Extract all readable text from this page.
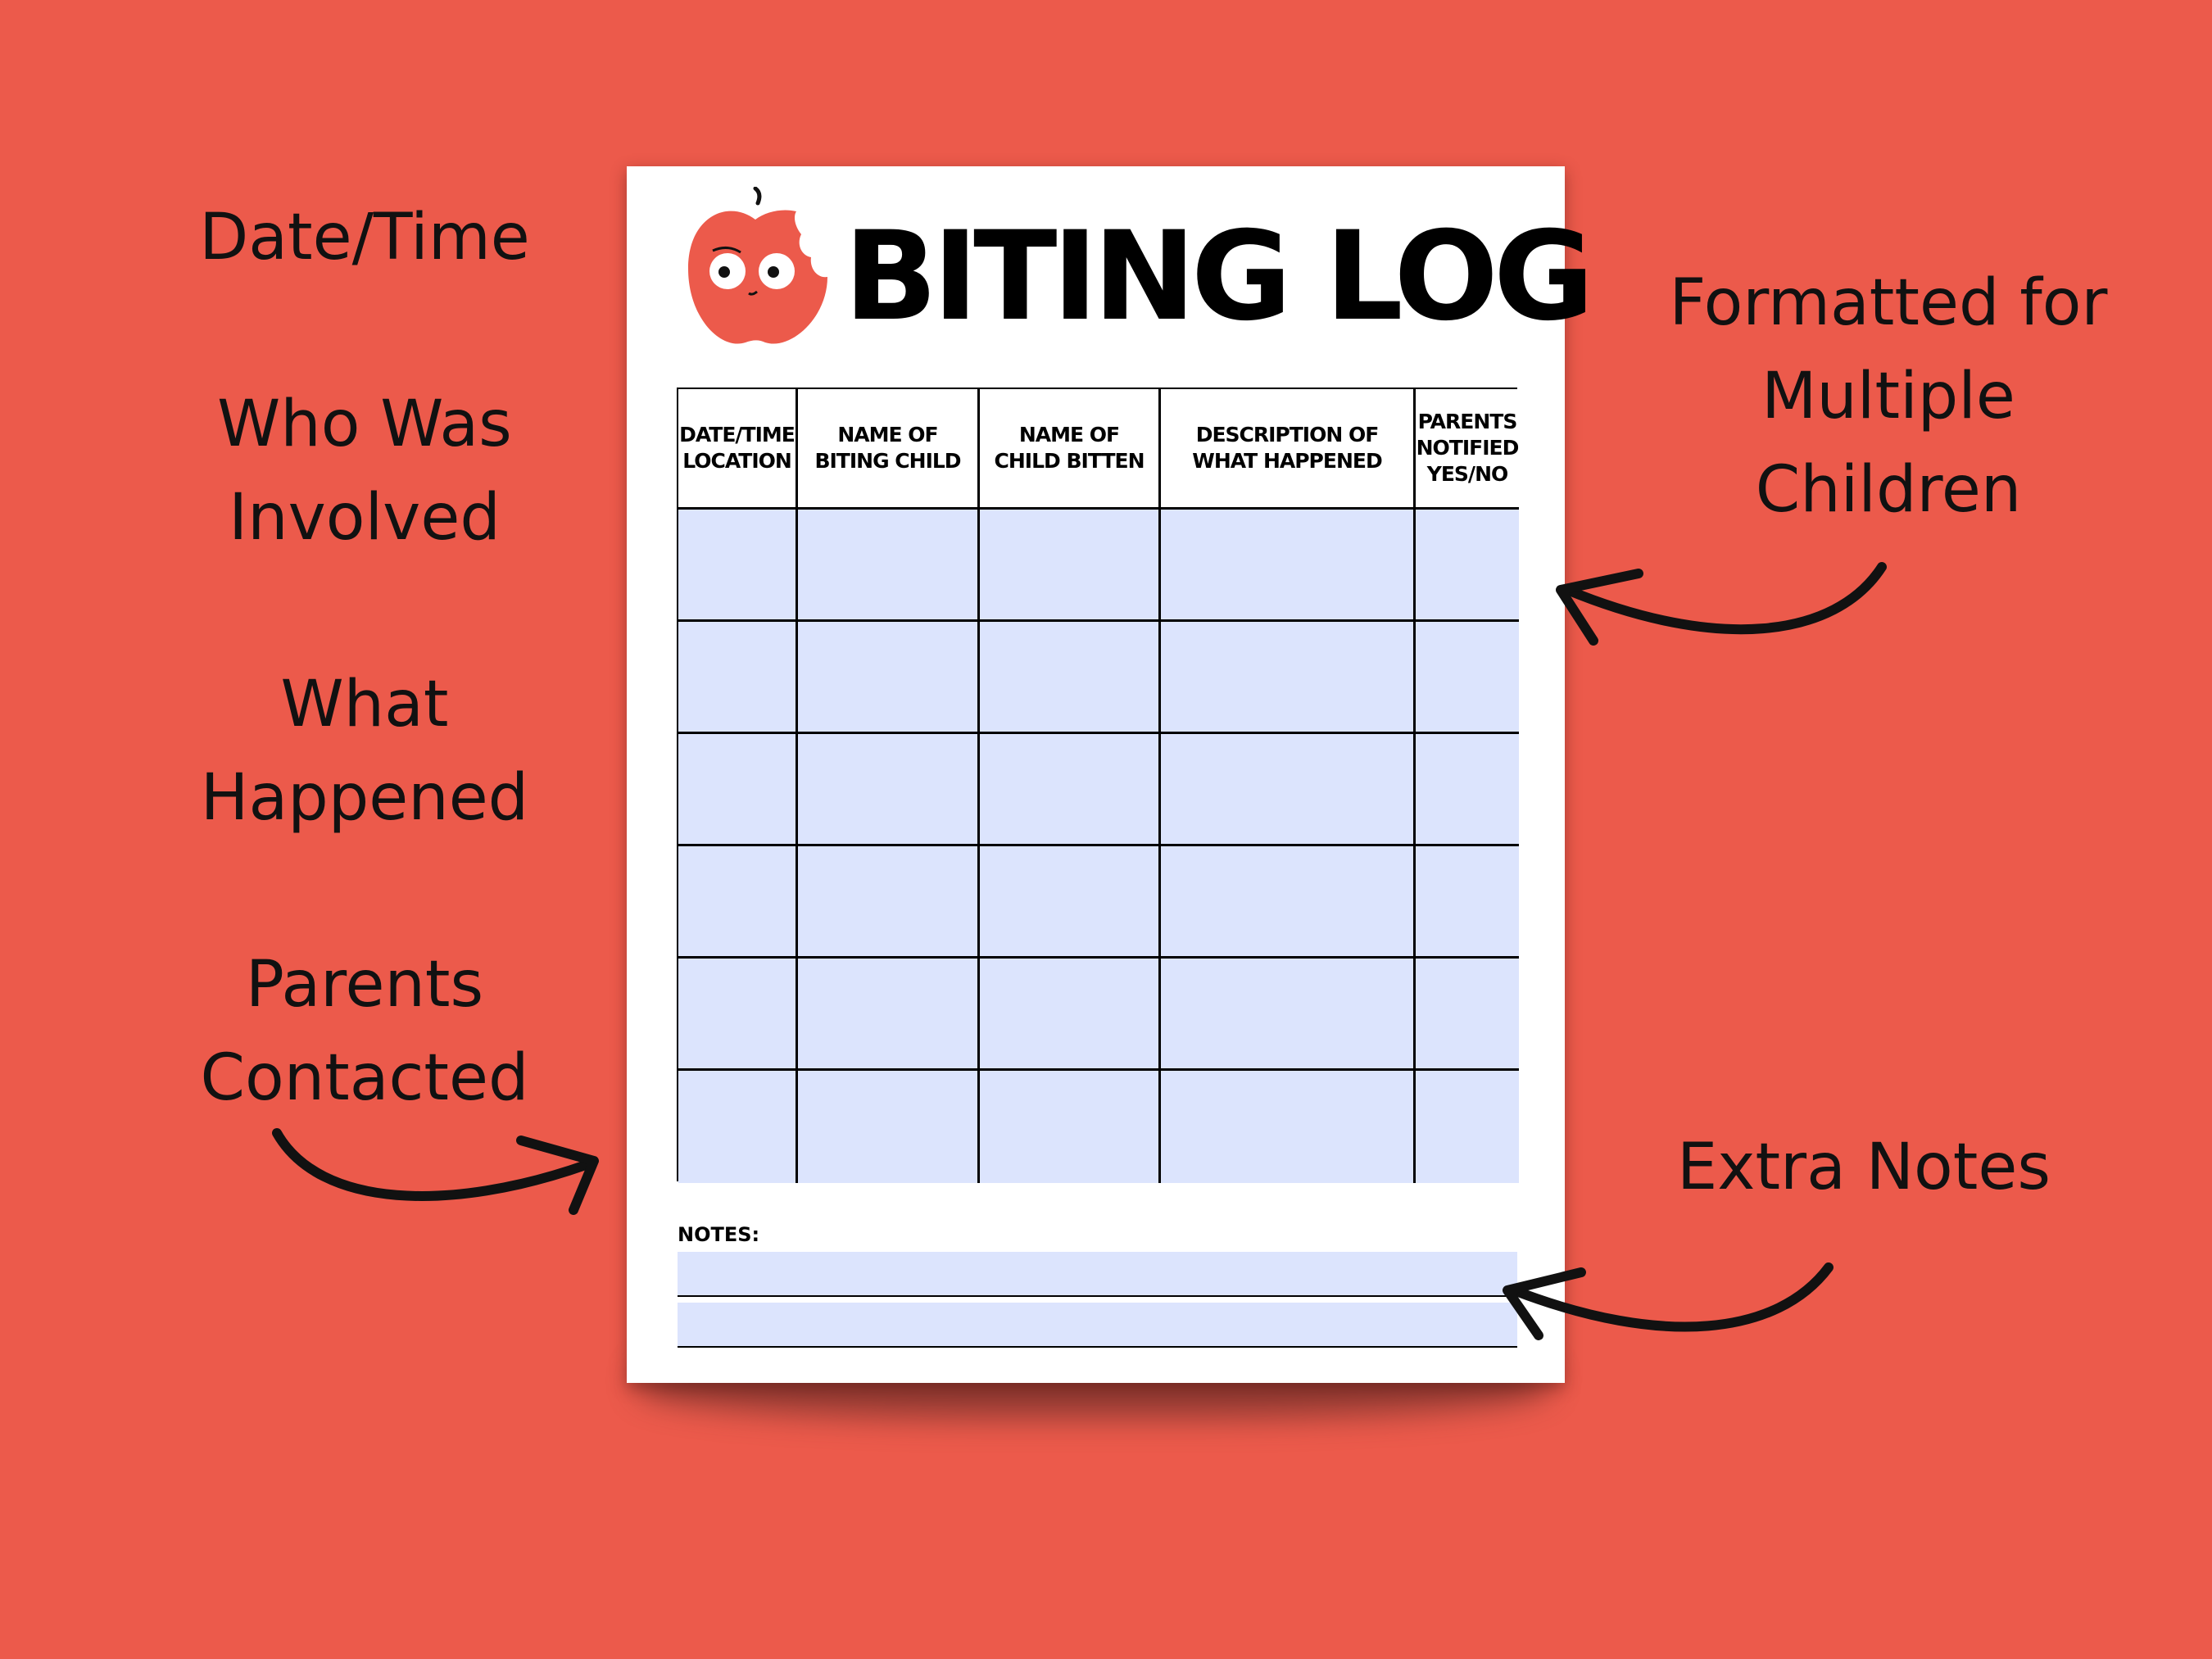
Date/Time
Who Was
Involved
What
Happened
Parents
Contacted
Formatted for
Multiple
Children
Extra Notes
BITING LOG
DATE/TIME LOCATION
NAME OF BITING CHILD
NAME OF CHILD BITTEN
DESCRIPTION OF WHAT HAPPENED
PARENTS NOTIFIED YES/NO
NOTES:
